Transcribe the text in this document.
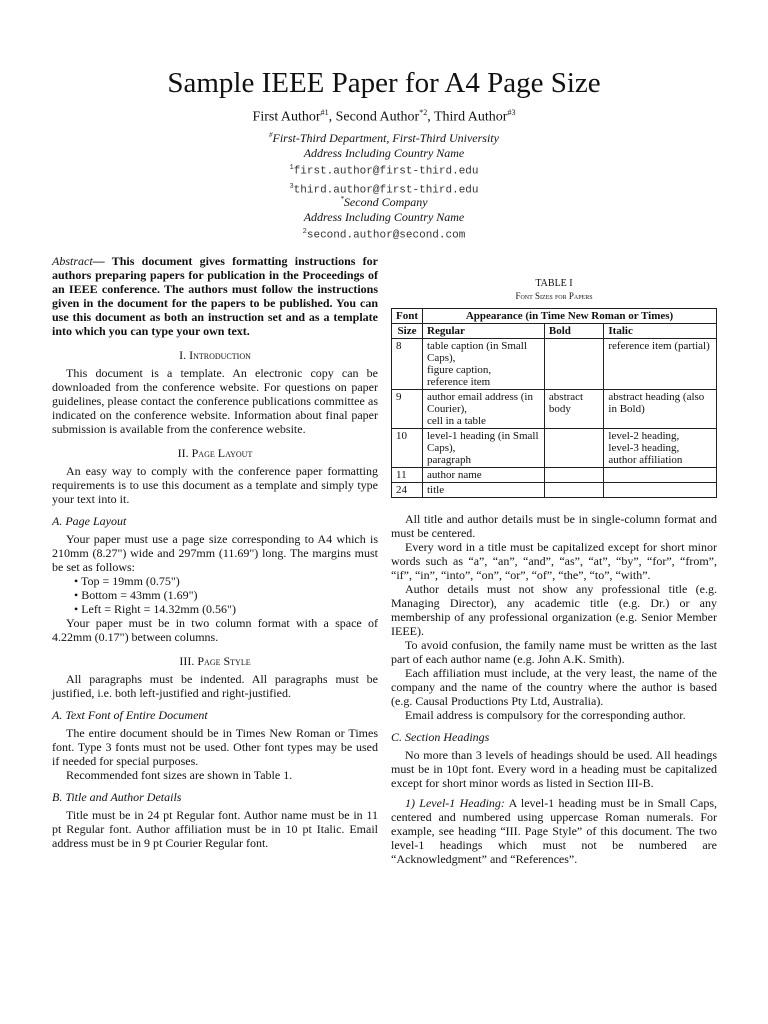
Sample IEEE Paper for A4 Page Size
First Author$^{\#1}$, Second Author$^{*2}$, Third Author$^{\#3}$
#First-Third Department, First-Third University
Address Including Country Name
$^1$first.author@first-third.edu
$^3$third.author@first-third.edu
*Second Company
Address Including Country Name
$^2$second.author@second.com

Abstract— This document gives formatting instructions for authors preparing papers for publication in the Proceedings of an IEEE conference. The authors must follow the instructions given in the document for the papers to be published. You can use this document as both an instruction set and as a template into which you can type your own text.

I. Introduction

This document is a template. An electronic copy can be downloaded from the conference website. For questions on paper guidelines, please contact the conference publications committee as indicated on the conference website. Information about final paper submission is available from the conference website.

II. Page Layout

An easy way to comply with the conference paper formatting requirements is to use this document as a template and simply type your text into it.

A. Page Layout

Your paper must use a page size corresponding to A4 which is 210mm (8.27") wide and 297mm (11.69") long. The margins must be set as follows:

• Top = 19mm (0.75")
• Bottom = 43mm (1.69")
• Left = Right = 14.32mm (0.56")

Your paper must be in two column format with a space of 4.22mm (0.17") between columns.

III. Page Style

All paragraphs must be indented. All paragraphs must be justified, i.e. both left-justified and right-justified.

A. Text Font of Entire Document

The entire document should be in Times New Roman or Times font. Type 3 fonts must not be used. Other font types may be used if needed for special purposes.

Recommended font sizes are shown in Table 1.

B. Title and Author Details

Title must be in 24 pt Regular font. Author name must be in 11 pt Regular font. Author affiliation must be in 10 pt Italic. Email address must be in 9 pt Courier Regular font.

TABLE I
Font Sizes for Papers
Font	Appearance (in Time New Roman or Times)		
Size	Regular	Bold	Italic
8	table caption (in Small Caps),
figure caption,
reference item		reference item (partial)
9	author email address (in Courier),
cell in a table	abstract body	abstract heading (also in Bold)
10	level-1 heading (in Small Caps),
paragraph		level-2 heading,
level-3 heading,
author affiliation
11	author name		
24	title		

All title and author details must be in single-column format and must be centered.

Every word in a title must be capitalized except for short minor words such as “a”, “an”, “and”, “as”, “at”, “by”, “for”, “from”, “if”, “in”, “into”, “on”, “or”, “of”, “the”, “to”, “with”.

Author details must not show any professional title (e.g. Managing Director), any academic title (e.g. Dr.) or any membership of any professional organization (e.g. Senior Member IEEE).

To avoid confusion, the family name must be written as the last part of each author name (e.g. John A.K. Smith).

Each affiliation must include, at the very least, the name of the company and the name of the country where the author is based (e.g. Causal Productions Pty Ltd, Australia).

Email address is compulsory for the corresponding author.

C. Section Headings

No more than 3 levels of headings should be used. All headings must be in 10pt font. Every word in a heading must be capitalized except for short minor words as listed in Section III-B.

1) Level-1 Heading: A level-1 heading must be in Small Caps, centered and numbered using uppercase Roman numerals. For example, see heading “III. Page Style” of this document. The two level-1 headings which must not be numbered are “Acknowledgment” and “References”.
